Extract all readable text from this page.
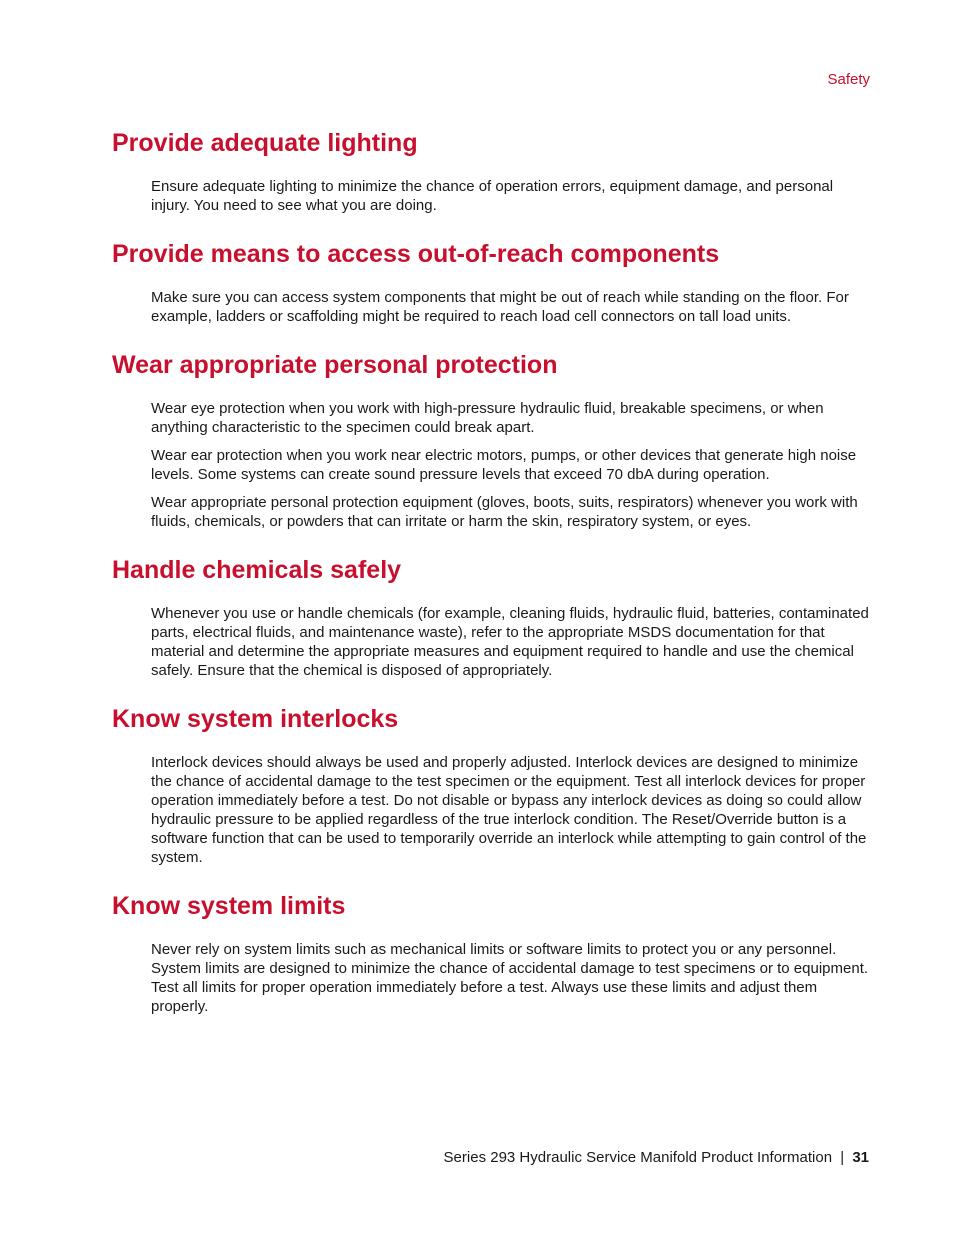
Safety
Provide adequate lighting

Ensure adequate lighting to minimize the chance of operation errors, equipment damage, and personal injury. You need to see what you are doing.

Provide means to access out-of-reach components

Make sure you can access system components that might be out of reach while standing on the floor. For example, ladders or scaffolding might be required to reach load cell connectors on tall load units.

Wear appropriate personal protection

Wear eye protection when you work with high-pressure hydraulic fluid, breakable specimens, or when anything characteristic to the specimen could break apart.

Wear ear protection when you work near electric motors, pumps, or other devices that generate high noise levels. Some systems can create sound pressure levels that exceed 70 dbA during operation.

Wear appropriate personal protection equipment (gloves, boots, suits, respirators) whenever you work with fluids, chemicals, or powders that can irritate or harm the skin, respiratory system, or eyes.

Handle chemicals safely

Whenever you use or handle chemicals (for example, cleaning fluids, hydraulic fluid, batteries, contaminated parts, electrical fluids, and maintenance waste), refer to the appropriate MSDS documentation for that material and determine the appropriate measures and equipment required to handle and use the chemical safely. Ensure that the chemical is disposed of appropriately.

Know system interlocks

Interlock devices should always be used and properly adjusted. Interlock devices are designed to minimize the chance of accidental damage to the test specimen or the equipment. Test all interlock devices for proper operation immediately before a test. Do not disable or bypass any interlock devices as doing so could allow hydraulic pressure to be applied regardless of the true interlock condition. The Reset/Override button is a software function that can be used to temporarily override an interlock while attempting to gain control of the system.

Know system limits

Never rely on system limits such as mechanical limits or software limits to protect you or any personnel. System limits are designed to minimize the chance of accidental damage to test specimens or to equipment. Test all limits for proper operation immediately before a test. Always use these limits and adjust them properly.

Series 293 Hydraulic Service Manifold Product Information | 31
